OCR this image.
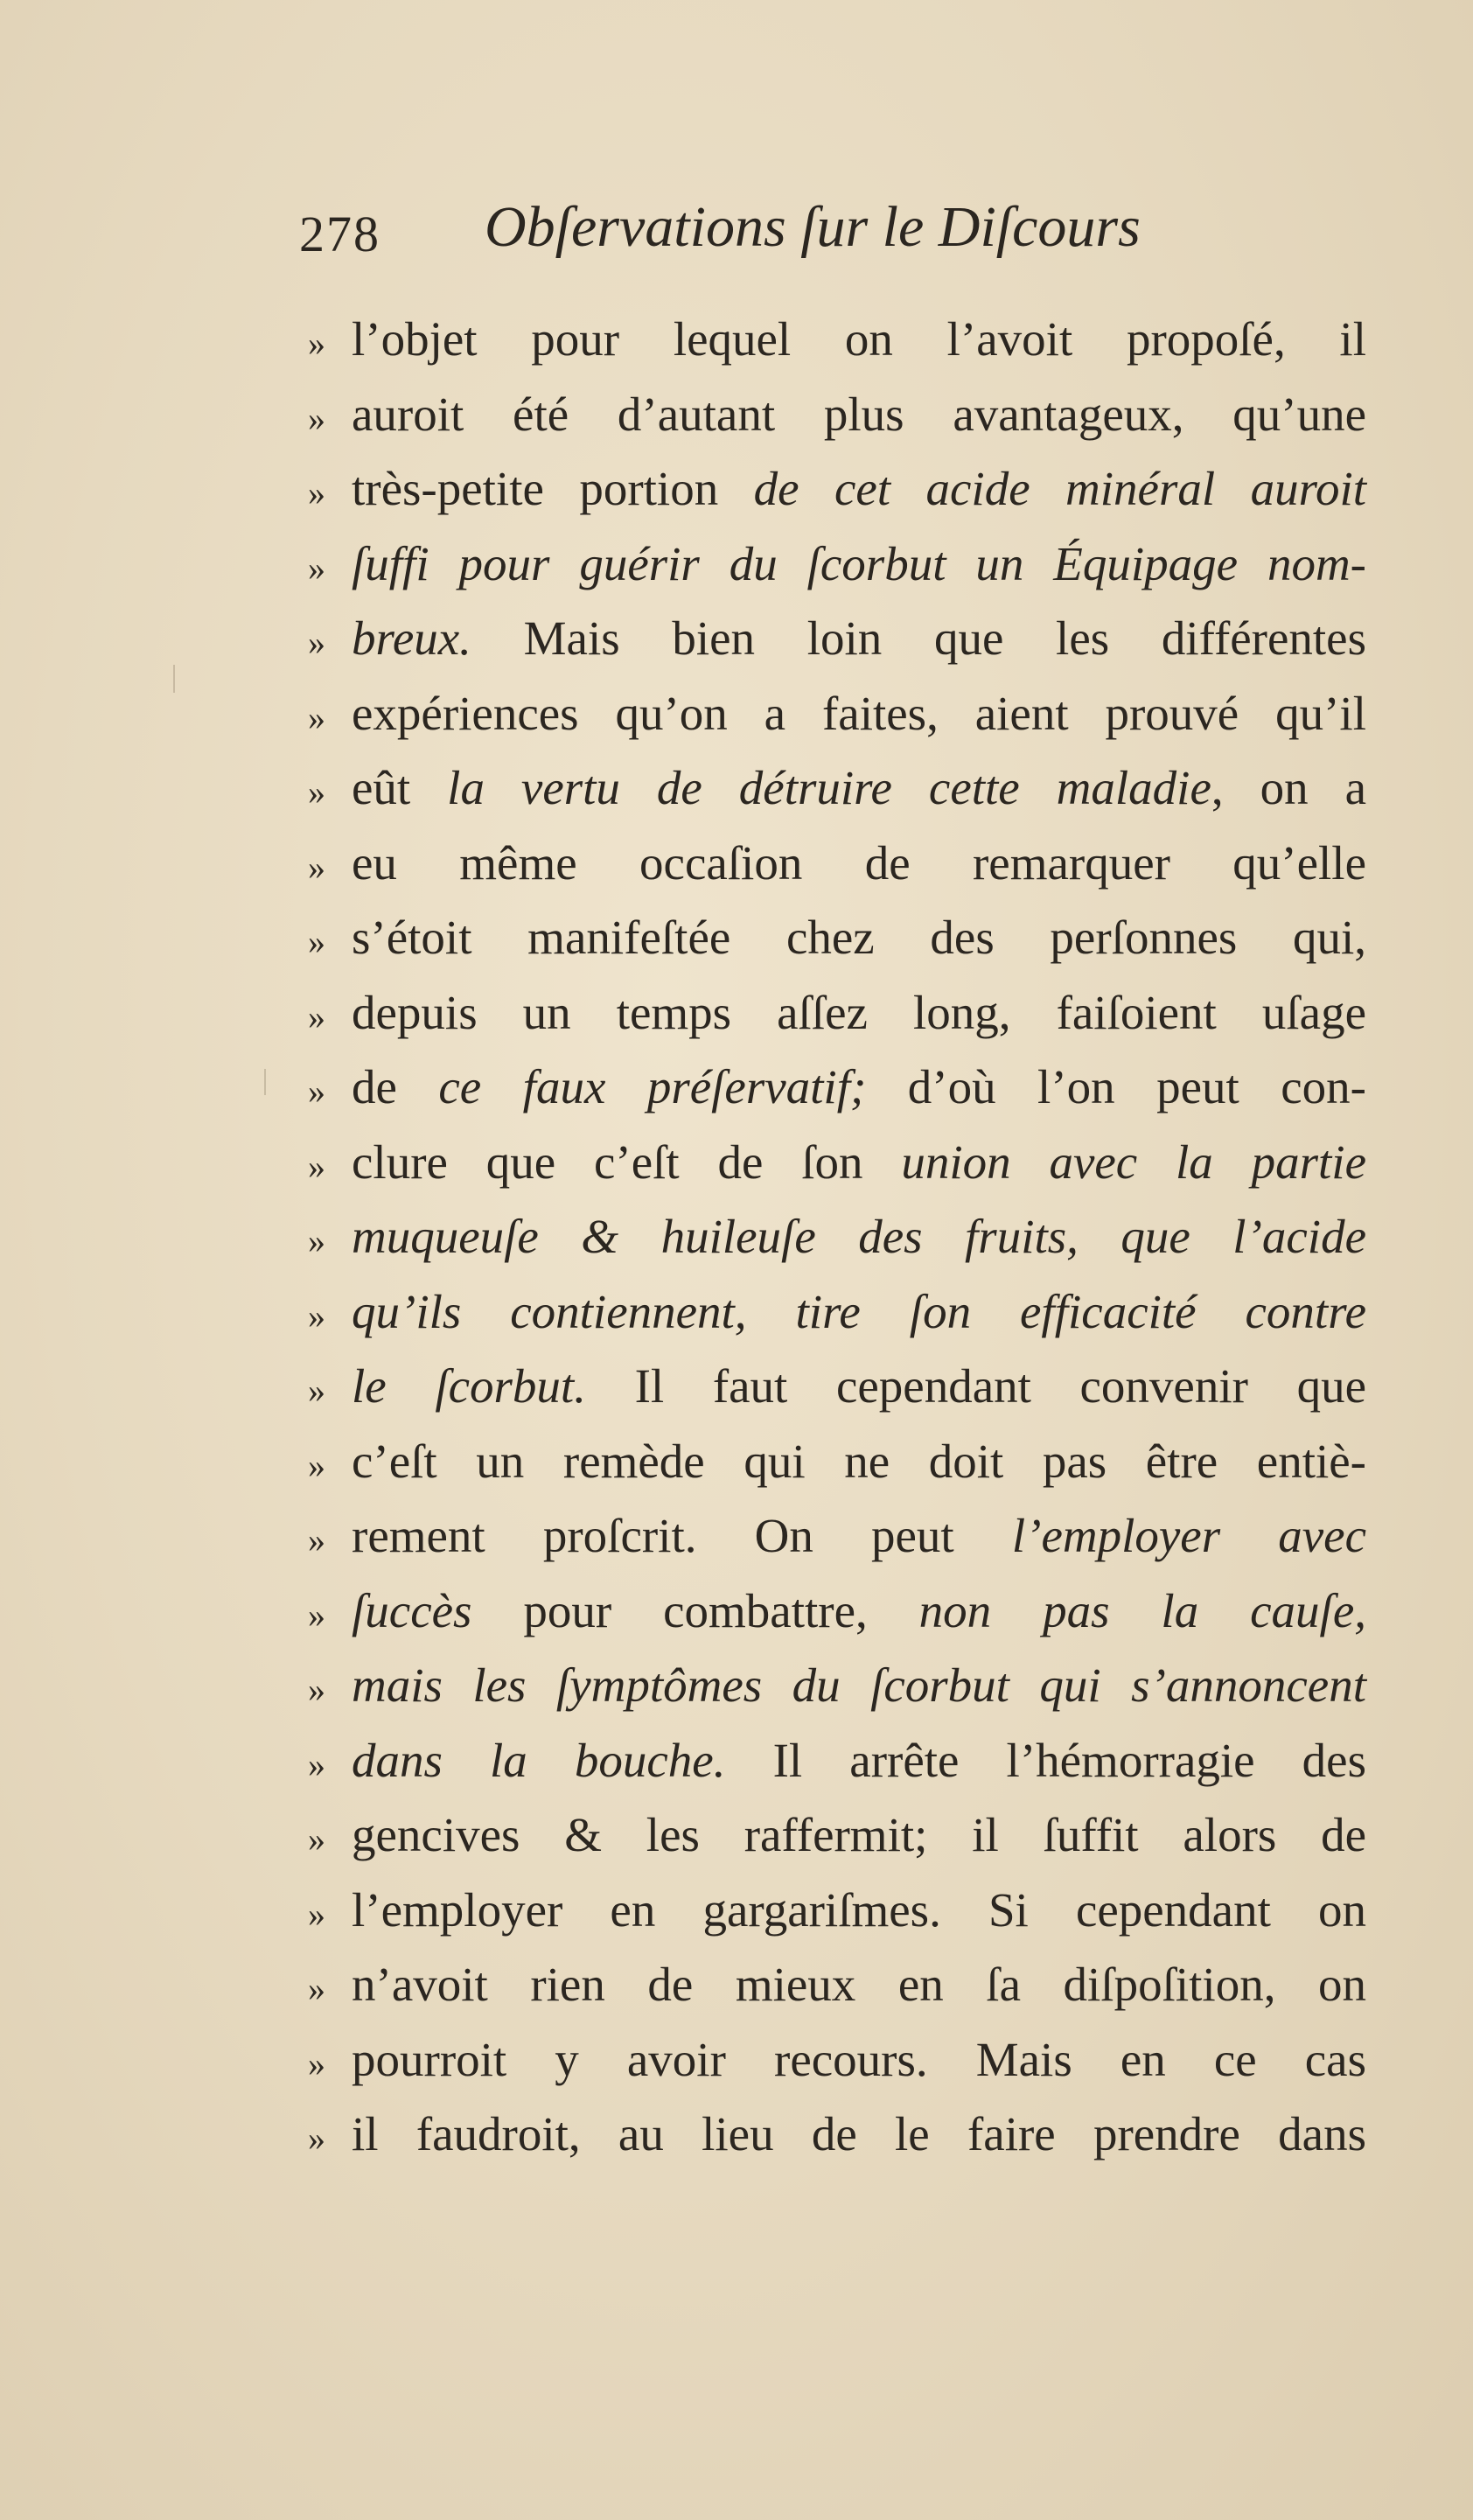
278 Obſervations ſur le Diſcours
» l’objet pour lequel on l’avoit propoſé, il
» auroit été d’autant plus avantageux, qu’une
» très-petite portion de cet acide minéral auroit
» ſuffi pour guérir du ſcorbut un Équipage nom-
» breux. Mais bien loin que les différentes
» expériences qu’on a faites, aient prouvé qu’il
» eût la vertu de détruire cette maladie, on a
» eu même occaſion de remarquer qu’elle
» s’étoit manifeſtée chez des perſonnes qui,
» depuis un temps aſſez long, faiſoient uſage
» de ce faux préſervatif; d’où l’on peut con-
» clure que c’eſt de ſon union avec la partie
» muqueuſe & huileuſe des fruits, que l’acide
» qu’ils contiennent, tire ſon efficacité contre
» le ſcorbut. Il faut cependant convenir que
» c’eſt un remède qui ne doit pas être entiè-
» rement proſcrit. On peut l’employer avec
» ſuccès pour combattre, non pas la cauſe,
» mais les ſymptômes du ſcorbut qui s’annoncent
» dans la bouche. Il arrête l’hémorragie des
» gencives & les raffermit; il ſuffit alors de
» l’employer en gargariſmes. Si cependant on
» n’avoit rien de mieux en ſa diſpoſition, on
» pourroit y avoir recours. Mais en ce cas
» il faudroit, au lieu de le faire prendre dans
